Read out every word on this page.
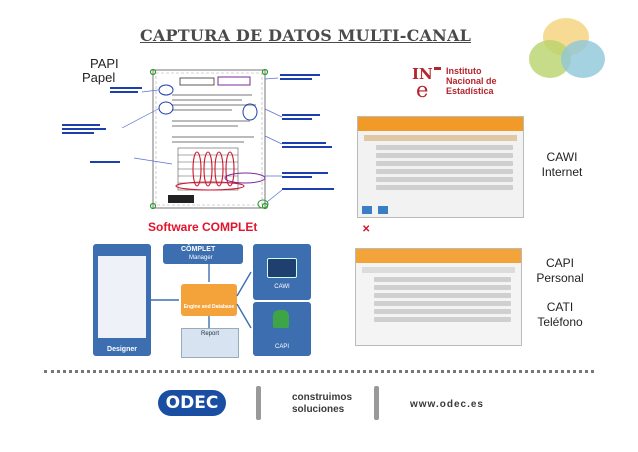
CAPTURA DE DATOS MULTI-CANAL
PAPI
Papel	IN
e
Instituto
Nacional de
Estadística
✕
CAWI
Internet
Designer
CÔMPLET
Manager
Engine and Database
CAWI
CAPI
Report
Software COMPLEt
CAPI
Personal
CATI
Teléfono
ODEC	construimos
soluciones	www.odec.es
